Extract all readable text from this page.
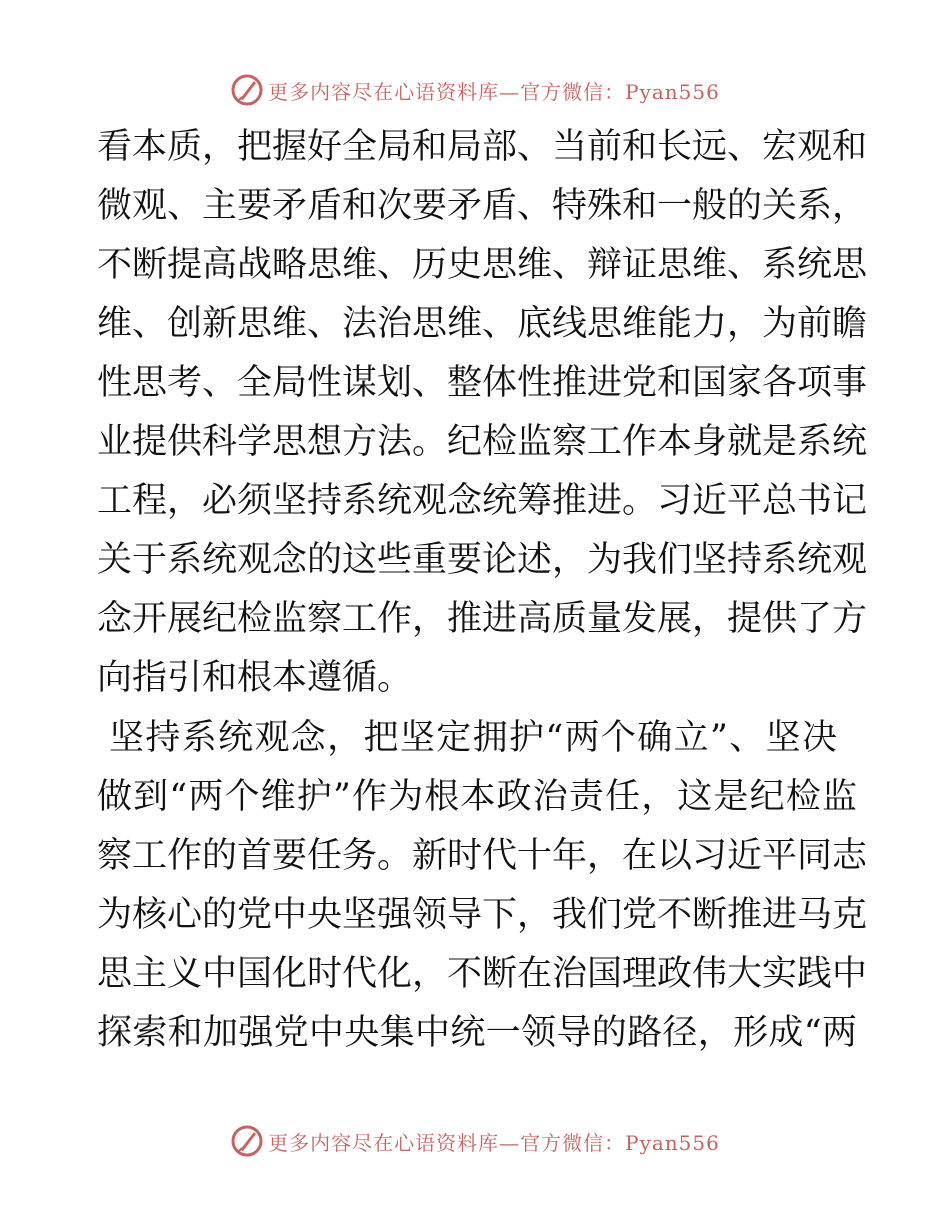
更多内容尽在心语资料库—官方微信：Pyan556
看本质，把握好全局和局部、当前和长远、宏观和
微观、主要矛盾和次要矛盾、特殊和一般的关系，
不断提高战略思维、历史思维、辩证思维、系统思
维、创新思维、法治思维、底线思维能力，为前瞻
性思考、全局性谋划、整体性推进党和国家各项事
业提供科学思想方法。纪检监察工作本身就是系统
工程，必须坚持系统观念统筹推进。习近平总书记
关于系统观念的这些重要论述，为我们坚持系统观
念开展纪检监察工作，推进高质量发展，提供了方
向指引和根本遵循。
坚持系统观念，把坚定拥护“两个确立”、坚决
做到“两个维护”作为根本政治责任，这是纪检监
察工作的首要任务。新时代十年，在以习近平同志
为核心的党中央坚强领导下，我们党不断推进马克
思主义中国化时代化，不断在治国理政伟大实践中
探索和加强党中央集中统一领导的路径，形成“两
更多内容尽在心语资料库—官方微信：Pyan556
